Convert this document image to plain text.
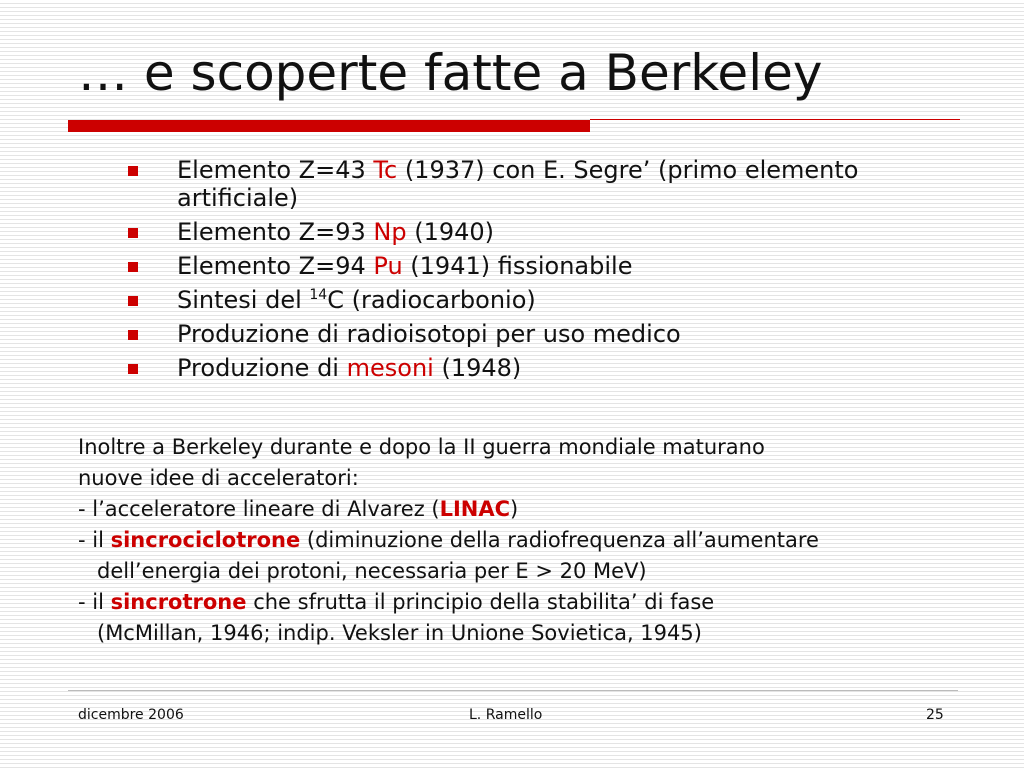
… e scoperte fatte a Berkeley
Elemento Z=43 Tc (1937) con E. Segre’ (primo elemento artificiale)
Elemento Z=93 Np (1940)
Elemento Z=94 Pu (1941) fissionabile
Sintesi del $^{14}$C (radiocarbonio)
Produzione di radioisotopi per uso medico
Produzione di mesoni (1948)
Inoltre a Berkeley durante e dopo la II guerra mondiale maturano
nuove idee di acceleratori:
- l’acceleratore lineare di Alvarez (LINAC)
- il sincrociclotrone (diminuzione della radiofrequenza all’aumentare
dell’energia dei protoni, necessaria per E > 20 MeV)
- il sincrotrone che sfrutta il principio della stabilita’ di fase
(McMillan, 1946; indip. Veksler in Unione Sovietica, 1945)
dicembre 2006	L. Ramello	25
